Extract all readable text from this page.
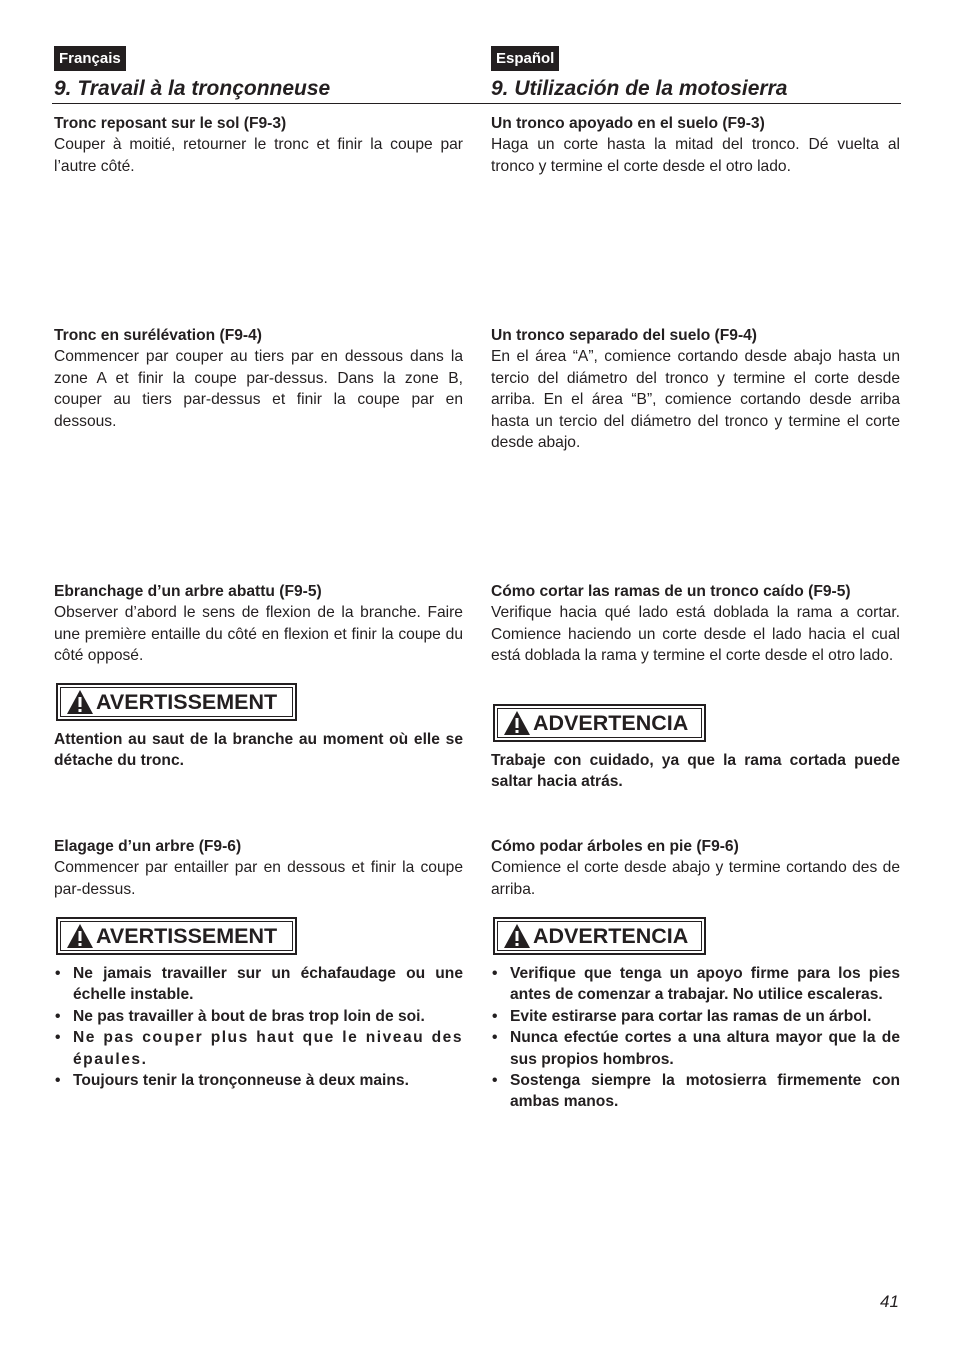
Français	Español
9. Travail à la tronçonneuse	9. Utilización de la motosierra
Tronc reposant sur le sol (F9-3)

Couper à moitié, retourner le tronc et finir la coupe par l’autre côté.

Un tronco apoyado en el suelo (F9-3)

Haga un corte hasta la mitad del tronco. Dé vuelta al tronco y termine el corte desde el otro lado.

Tronc en surélévation (F9-4)

Commencer par couper au tiers par en dessous dans la zone A et finir la coupe par-dessus. Dans la zone B, couper au tiers par-dessus et finir la coupe par en dessous.

Un tronco separado del suelo (F9-4)

En el área “A”, comience cortando desde abajo hasta un tercio del diámetro del tronco y termine el corte desde arriba. En el área “B”, comience cortando desde arriba hasta un tercio del diámetro del tronco y termine el corte desde abajo.

Ebranchage d’un arbre abattu (F9-5)

Observer d’abord le sens de flexion de la branche. Faire une première entaille du côté en flexion et finir la coupe du côté opposé.

Cómo cortar las ramas de un tronco caído (F9-5)

Verifique hacia qué lado está doblada la rama a cortar. Comience haciendo un corte desde el lado hacia el cual está doblada la rama y termine el corte desde el otro lado.

AVERTISSEMENT
Attention au saut de la branche au moment où elle se détache du tronc.
ADVERTENCIA
Trabaje con cuidado, ya que la rama cortada puede saltar hacia atrás.
Elagage d’un arbre (F9-6)

Commencer par entailler par en dessous et finir la coupe par-dessus.

Cómo podar árboles en pie (F9-6)

Comience el corte desde abajo y termine cortando des de arriba.

AVERTISSEMENT
• Ne jamais travailler sur un échafaudage ou une échelle instable.
• Ne pas travailler à bout de bras trop loin de soi.
• Ne pas couper plus haut que le niveau des épaules.
• Toujours tenir la tronçonneuse à deux mains.
ADVERTENCIA
• Verifique que tenga un apoyo firme para los pies antes de comenzar a trabajar. No utilice escaleras.
• Evite estirarse para cortar las ramas de un árbol.
• Nunca efectúe cortes a una altura mayor que la de sus propios hombros.
• Sostenga siempre la motosierra firmemente con ambas manos.
41
